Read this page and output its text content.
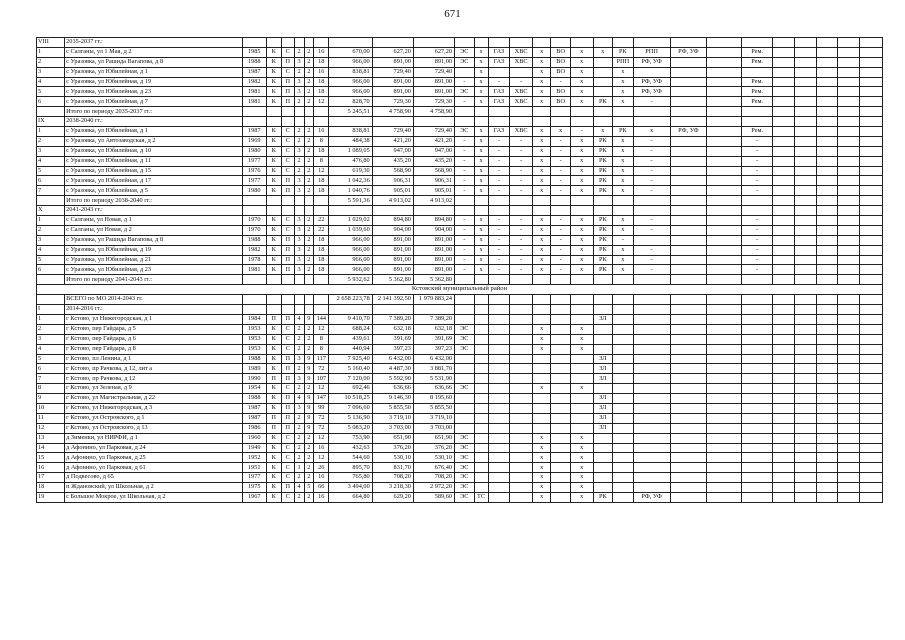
671
VIII	2035-2037 гг.:																											
1	с Салганы, ул 1 Мая, д 2	1985	К	С	2	2	16	670,00	627,20	627,20	ЭС	х	ГАЗ	ХВС	х	ВО	х	х	РК	РПП	РФ, УФ		Рем.					
2	с Уразовка, ул Рашида Вагапова, д 8	1988	К	П	3	2	18	966,00	891,00	891,00	ЭС	х	ГАЗ	ХВС	х	ВО	х		РПП	РФ, УФ			Рем.					
3	с Уразовка, ул Юбилейная, д 1	1987	К	С	2	2	16	838,81	729,40	729,40		х			х	ВО	х		х									
4	с Уразовка, ул Юбилейная, д 19	1982	К	П	3	2	18	966,00	891,00	891,00	-	х	-	-	х	-	х		х	РФ, УФ			Рем.					
5	с Уразовка, ул Юбилейная, д 23	1981	К	П	3	2	18	966,00	891,00	891,00	ЭС	х	ГАЗ	ХВС	х	ВО	х		х	РФ, УФ			Рем.					
6	с Уразовка, ул Юбилейная, д 7	1981	К	П	2	2	12	828,70	729,30	729,30	-	х	ГАЗ	ХВС	х	ВО	х	РК	х	-			Рем.					
	Итого по периоду 2035-2037 гг.:							5 245,51	4 758,90	4 758,90																		
IX	2038-2040 гг.:																											
1	с Уразовка, ул Юбилейная, д 1	1987	К	С	2	2	16	838,81	729,40	729,40	ЭС	х	ГАЗ	ХВС	х	х	-	х	РК	х	РФ, УФ		Рем.					
2	с Уразовка, ул Автозаводская, д 2	1969	К	С	2	2	8	484,38	421,20	421,20	-	х	-	-	х	-	х	РК	х	-			-					
3	с Уразовка, ул Юбилейная, д 10	1980	К	С	3	2	18	1 089,05	947,00	947,00	-	х	-	-	х	-	х	РК	х	-			-					
4	с Уразовка, ул Юбилейная, д 11	1977	К	С	2	2	8	476,80	435,20	435,20	-	х	-	-	х	-	х	РК	х	-			-					
5	с Уразовка, ул Юбилейная, д 15	1976	К	С	2	2	12	619,30	568,90	568,90	-	х	-	-	х	-	х	РК	х	-			-					
6	с Уразовка, ул Юбилейная, д 17	1977	К	П	3	2	18	1 042,36	906,31	906,31	-	х	-	-	х	-	х	РК	х	-			-					
7	с Уразовка, ул Юбилейная, д 5	1980	К	П	3	2	18	1 040,76	905,01	905,01	-	х	-	-	х	-	х	РК	х	-			-					
	Итого по периоду 2038-2040 гг.:							5 591,36	4 913,02	4 913,02																		
X	2041-2043 гг.:																											
1	с Салганы, ул Новая, д 1	1970	К	С	3	2	22	1 029,02	894,80	894,80	-	х	-	-	х	-	х	РК	х	-			-					
2	с Салганы, ул Новая, д 2	1970	К	С	3	2	22	1 039,60	904,00	904,00	-	х	-	-	х	-	х	РК	х	-			-					
3	с Уразовка, ул Рашида Вагапова, д 8	1988	К	П	3	2	18	966,00	891,00	891,00	-	х	-	-	х	-	х	РК	-				-					
4	с Уразовка, ул Юбилейная, д 19	1982	К	П	3	2	18	966,00	891,00	891,00	-	х	-	-	х	-	х	РК	х	-			-					
5	с Уразовка, ул Юбилейная, д 21	1978	К	П	3	2	18	966,00	891,00	891,00	-	х	-	-	х	-	х	РК	х	-			-					
6	с Уразовка, ул Юбилейная, д 23	1981	К	П	3	2	18	966,00	891,00	891,00	-	х	-	-	х	-	х	РК	х	-			-					
	Итого по периоду 2041-2043 гг.:							5 932,62	5 362,80	5 362,80																		
Кстовский муниципальный район																												
	ВСЕГО по МО 2014-2043 гг.							2 658 223,78	2 141 392,50	1 979 883,24																		
I	2014-2016 гг.:																											
1	г Кстово, ул Нижегородская, д 1	1984	П	П	4	9	144	9 410,70	7 389,20	7 389,20								ЗЛ										
2	г Кстово, пер Гайдара, д 5	1953	К	С	2	2	12	688,24	632,18	632,18	ЭС				х		х											
3	г Кстово, пер Гайдара, д 6	1953	К	С	2	2	8	439,61	391,69	391,69	ЭС				х		х											
4	г Кстово, пер Гайдара, д 8	1953	К	С	2	2	8	440,94	397,23	397,23	ЭС				х		х											
5	г Кстово, пл Ленина, д 1	1988	К	П	3	9	117	7 925,40	6 432,00	6 432,00								ЗЛ										
6	г Кстово, пр Рачкова, д 12, лит а	1989	К	П	2	9	72	5 160,40	4 487,30	3 881,70								ЗЛ										
7	г Кстово, пр Рачкова, д 12	1990	П	П	3	9	107	7 120,00	5 592,90	5 531,90								ЗЛ										
8	г Кстово, ул Зеленая, д 9	1954	К	С	2	2	12	692,46	636,66	636,66	ЭС				х		х											
9	г Кстово, ул Магистральная, д 22	1988	К	П	4	9	147	10 518,25	9 146,30	8 195,60								ЗЛ										
10	г Кстово, ул Нижегородская, д 3	1987	К	П	3	9	99	7 096,60	5 855,50	5 855,50								ЗЛ										
11	г Кстово, ул Островского, д 1	1987	П	П	2	9	72	5 136,90	3 719,10	3 719,10								ЗЛ										
12	г Кстово, ул Островского, д 13	1986	П	П	2	9	72	5 083,20	3 703,00	3 703,00								ЗЛ										
13	д Зименки, ул НИРФИ, д 1	1960	К	С	2	2	12	753,90	651,90	651,90	ЭС				х		х											
14	д Афонино, ул Парковая, д 24	1949	К	С	2	2	16	432,63	376,20	376,20	ЭС				х		х											
15	д Афонино, ул Парковая, д 25	1952	К	С	2	2	12	544,60	530,10	530,10	ЭС				х		х											
16	д Афонино, ул Парковая, д 61	1951	К	С	1	2	26	895,70	831,70	676,40	ЭС				х		х											
17	д Подвесово, д 65	1977	К	С	2	2	16	765,80	708,20	708,20	ЭС				х		х											
18	п Ждановский, ул Школьная, д 2	1975	К	П	4	5	66	3 494,00	3 218,30	2 972,20	ЭС				х		х											
19	с Большое Мокрое, ул Школьная, д 2	1967	К	С	2	2	16	664,80	629,20	589,60	ЭС	ТС			х		х	РК		РФ, УФ								
